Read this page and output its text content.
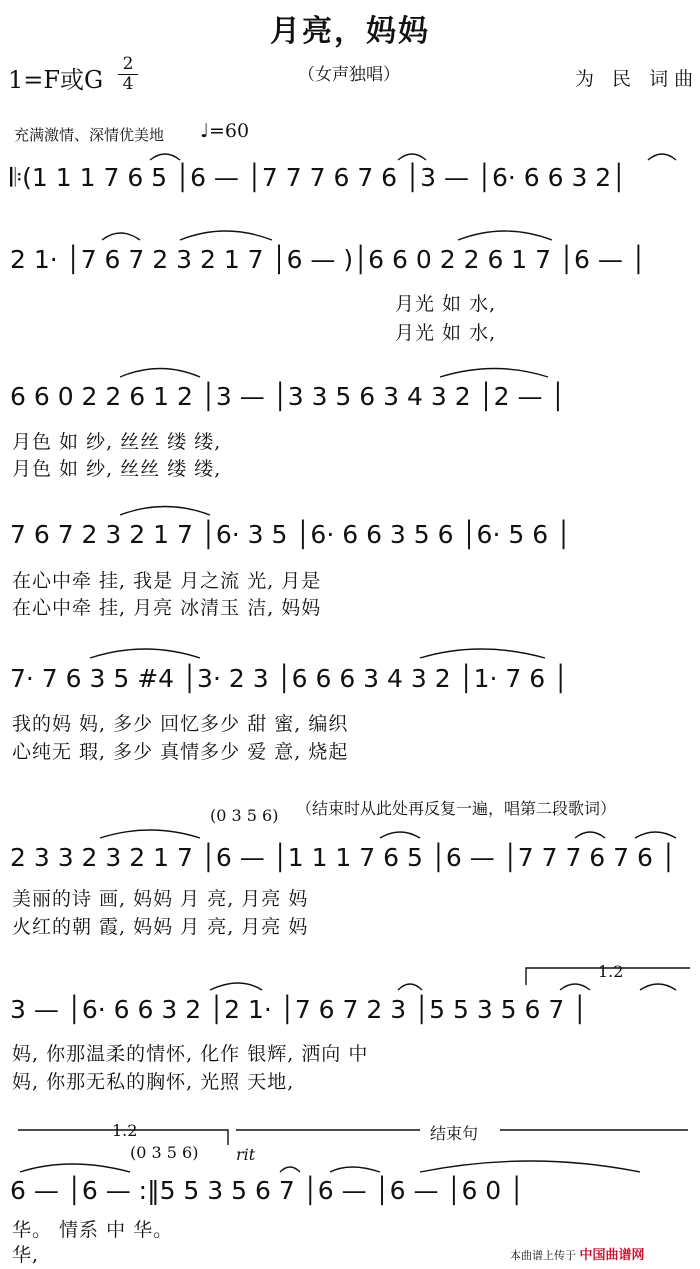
月亮，妈妈
1=F或G
2
4	（女声独唱）	为 民 词曲
充满激情、深情优美地 ♩=60
𝄆(1 1 1 7 6 5 │6 — │7 7 7 6 7 6 │3 — │6· 6 6 3 2│
2 1· │7 6 7 2 3 2 1 7 │6 — )│6 6 0 2 2 6 1 7 │6 — │
月光 如 水,
月光 如 水,
6 6 0 2 2 6 1 2 │3 — │3 3 5 6 3 4 3 2 │2 — │
月色 如 纱, 丝丝 缕 缕,
月色 如 纱, 丝丝 缕 缕,
7 6 7 2 3 2 1 7 │6· 3 5 │6· 6 6 3 5 6 │6· 5 6 │
在心中牵 挂, 我是 月之流 光, 月是
在心中牵 挂, 月亮 冰清玉 洁, 妈妈
7· 7 6 3 5 #4 │3· 2 3 │6 6 6 3 4 3 2 │1· 7 6 │
我的妈 妈, 多少 回忆多少 甜 蜜, 编织
心纯无 瑕, 多少 真情多少 爱 意, 烧起
(0 3 5 6) （结束时从此处再反复一遍，唱第二段歌词）
2 3 3 2 3 2 1 7 │6 — │1 1 1 7 6 5 │6 — │7 7 7 6 7 6 │
美丽的诗 画, 妈妈 月 亮, 月亮 妈
火红的朝 霞, 妈妈 月 亮, 月亮 妈
1.2
3 — │6· 6 6 3 2 │2 1· │7 6 7 2 3 │5 5 3 5 6 7 │
妈, 你那温柔的情怀, 化作 银辉, 洒向 中
妈, 你那无私的胸怀, 光照 天地,
1.2	结束句
(0 3 5 6) rit
6 — │6 — :‖5 5 3 5 6 7 │6 — │6 — │6 0 │
华。 情系 中 华。
华,	本曲谱上传于 中国曲谱网
